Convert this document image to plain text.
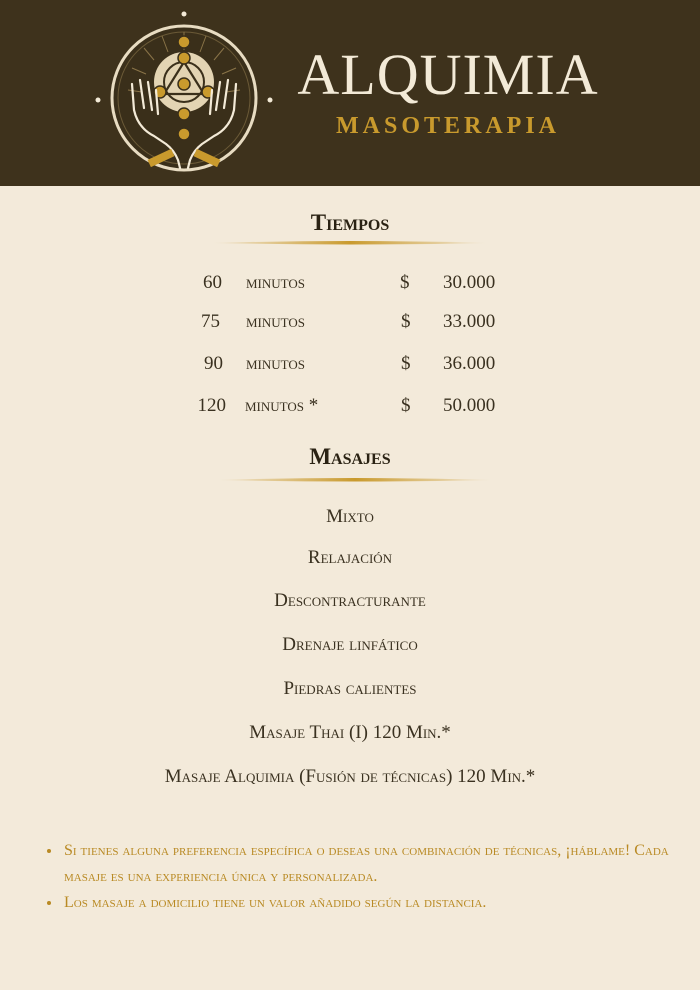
ALQUIMIA
MASOTERAPIA
Tiempos
60 minutos	$ 30.000
75 minutos	$ 33.000
90 minutos	$ 36.000
120 minutos *	$ 50.000
Masajes
Mixto
Relajación
Descontracturante
Drenaje linfático
Piedras calientes
Masaje Thai (I) 120 Min.*
Masaje Alquimia (Fusión de técnicas) 120 Min.*
• Si tienes alguna preferencia específica o deseas una combinación de técnicas, ¡háblame! Cada masaje es una experiencia única y personalizada.
• Los masaje a domicilio tiene un valor añadido según la distancia.
